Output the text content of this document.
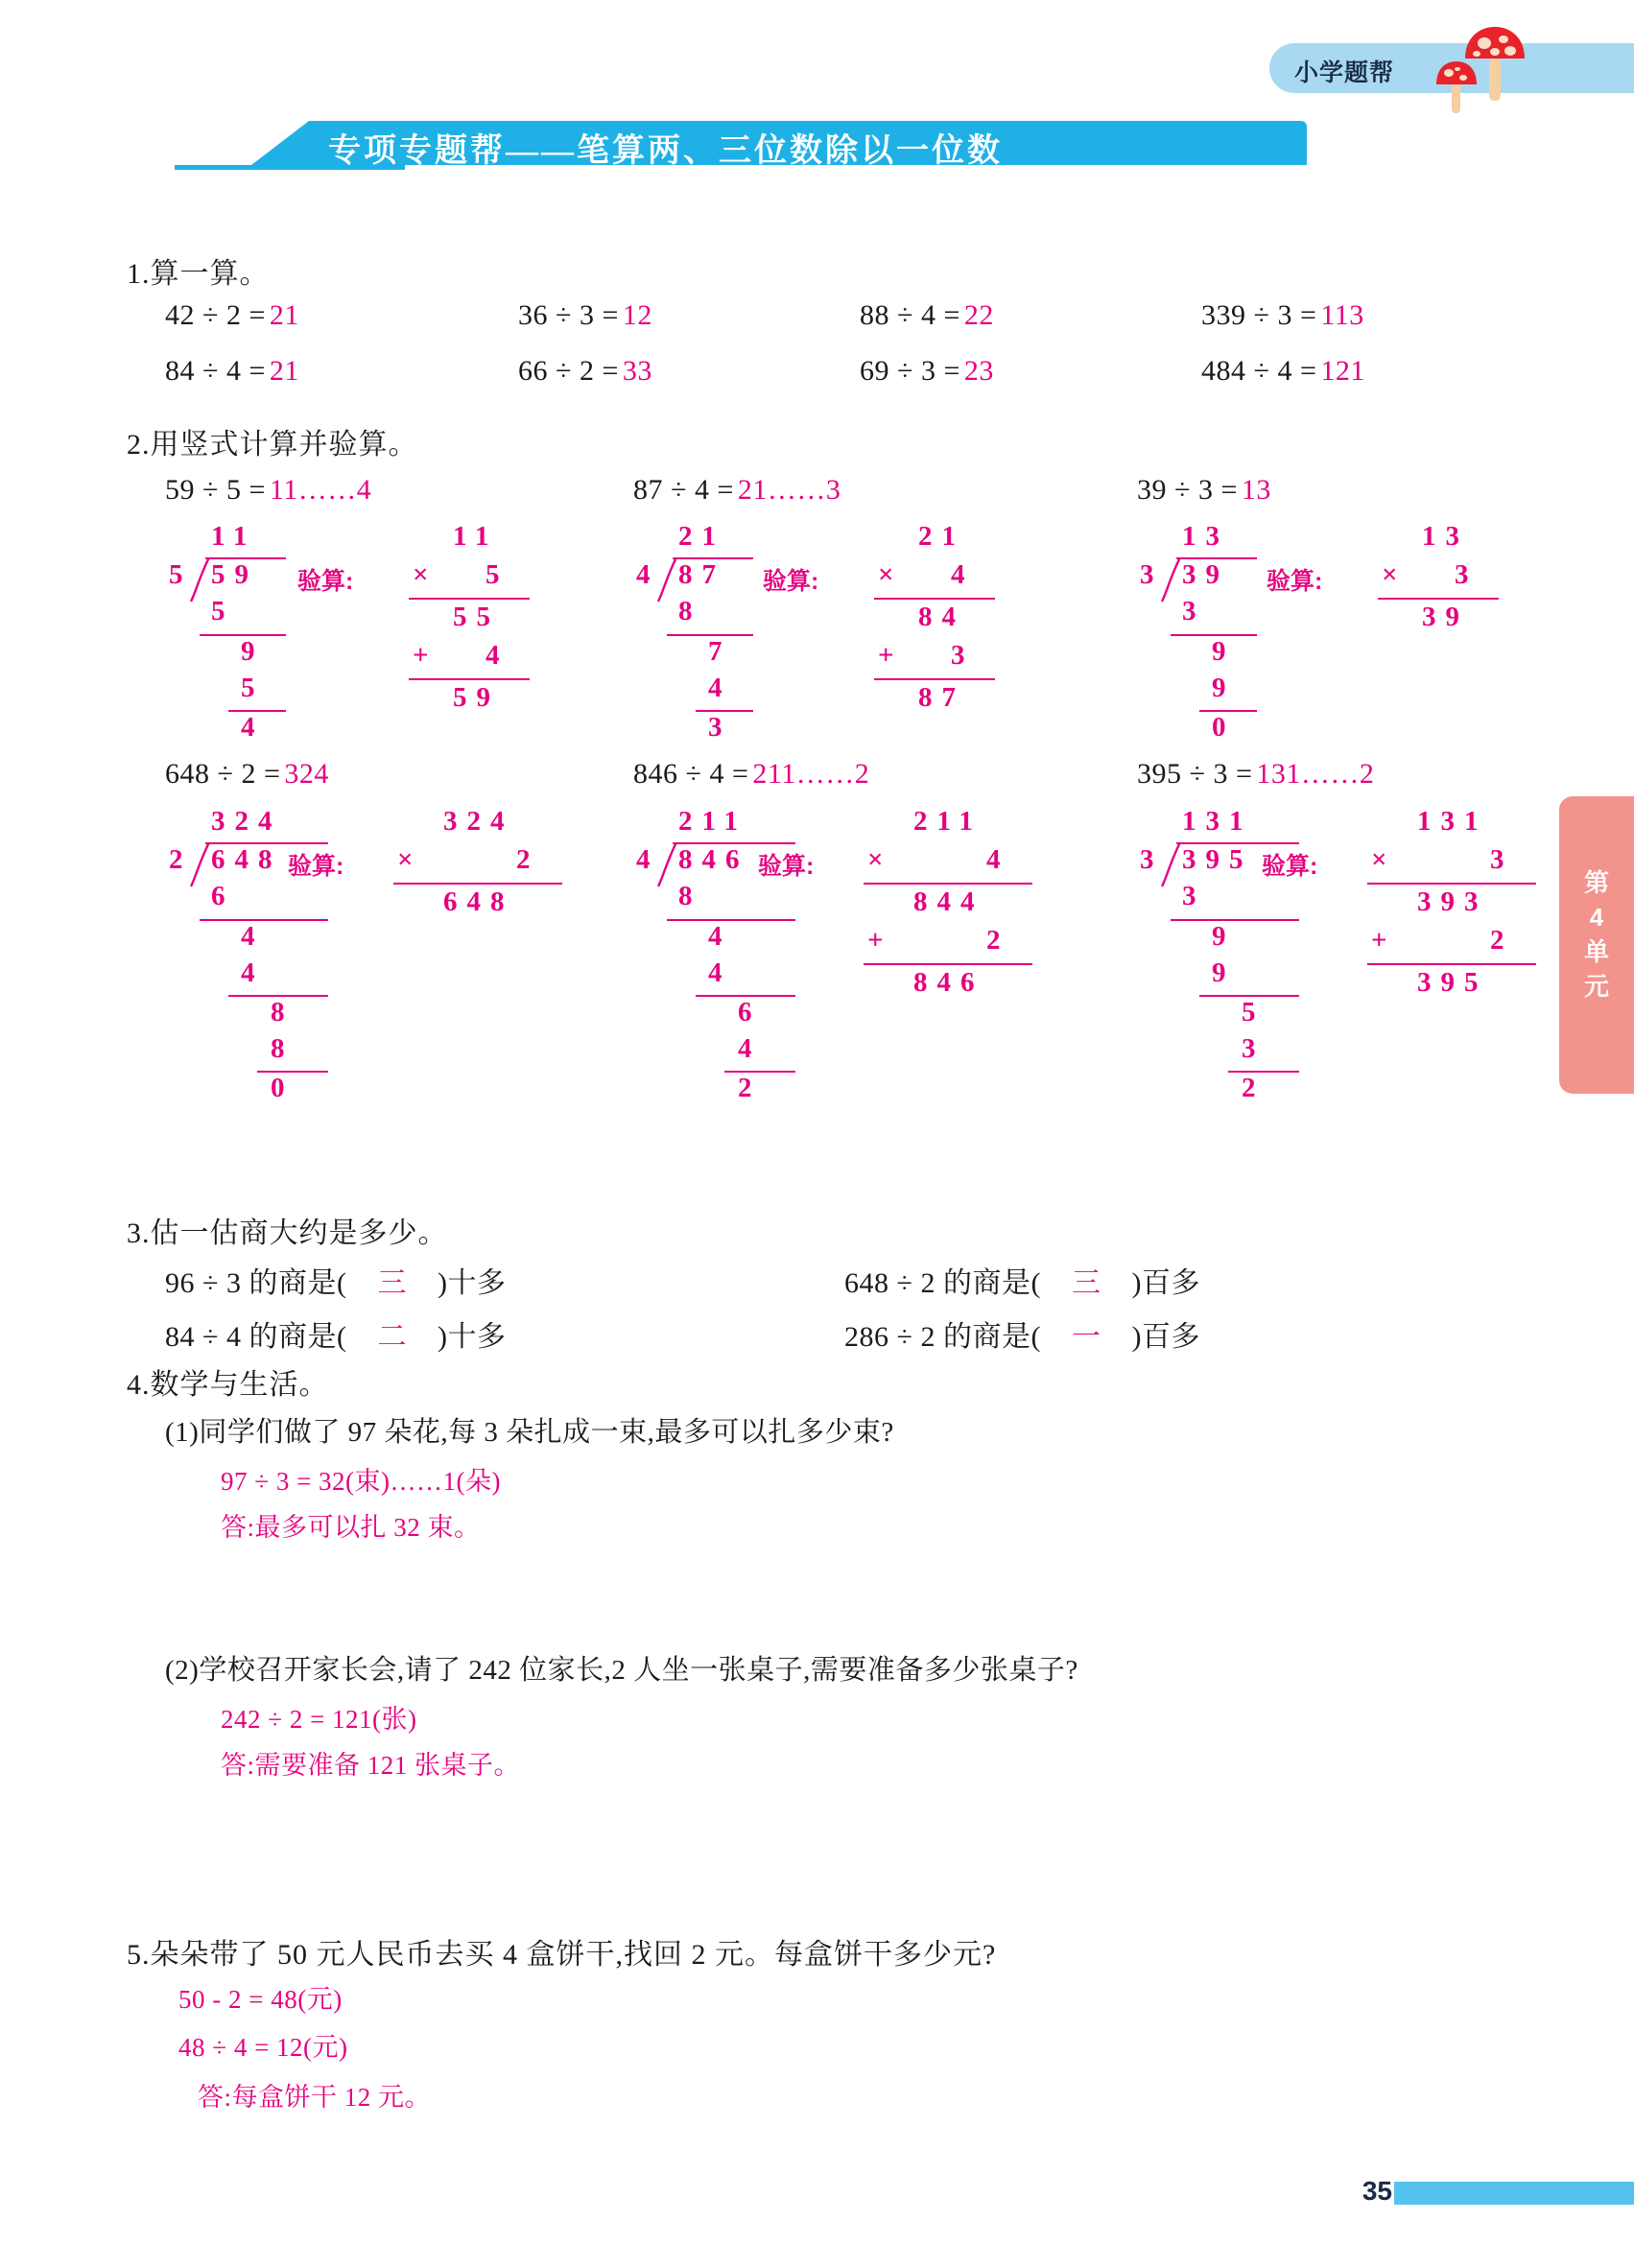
小学题帮
专项专题帮——笔算两、三位数除以一位数
第
4
单
元
35
1.算一算。
42 ÷ 2 = 21	36 ÷ 3 = 12	88 ÷ 4 = 22	339 ÷ 3 = 113
84 ÷ 4 = 21	66 ÷ 2 = 33	69 ÷ 3 = 23	484 ÷ 4 = 121
2.用竖式计算并验算。
59 ÷ 5 = 11……4	87 ÷ 4 = 21……3	39 ÷ 3 = 13
11
5 59
5
9
5
4
验算:
11
× 5
55
+ 4
59
21
4 87
8
7
4
3
验算:
21
× 4
84
+ 3
87
13
3 39
3
9
9
0
验算:
13
× 3
39
648 ÷ 2 = 324	846 ÷ 4 = 211……2	395 ÷ 3 = 131……2
324
2 648
6
4
4
8
8
0
验算:
324
×	2
648
211
4 846
8
4
4
6
4
2
验算:
211
×	4
844
+	2
846
131
3 395
3
9
9
5
3
2
验算:
131
×	3
393
+	2
395
3.估一估商大约是多少。
96 ÷ 3 的商是( 三 )十多	648 ÷ 2 的商是( 三 )百多
84 ÷ 4 的商是( 二 )十多	286 ÷ 2 的商是( 一 )百多
4.数学与生活。
(1)同学们做了 97 朵花,每 3 朵扎成一束,最多可以扎多少束?
97 ÷ 3 = 32(束)……1(朵)
答:最多可以扎 32 束。
(2)学校召开家长会,请了 242 位家长,2 人坐一张桌子,需要准备多少张桌子?
242 ÷ 2 = 121(张)
答:需要准备 121 张桌子。
5.朵朵带了 50 元人民币去买 4 盒饼干,找回 2 元。每盒饼干多少元?
50 - 2 = 48(元)
48 ÷ 4 = 12(元)
答:每盒饼干 12 元。
